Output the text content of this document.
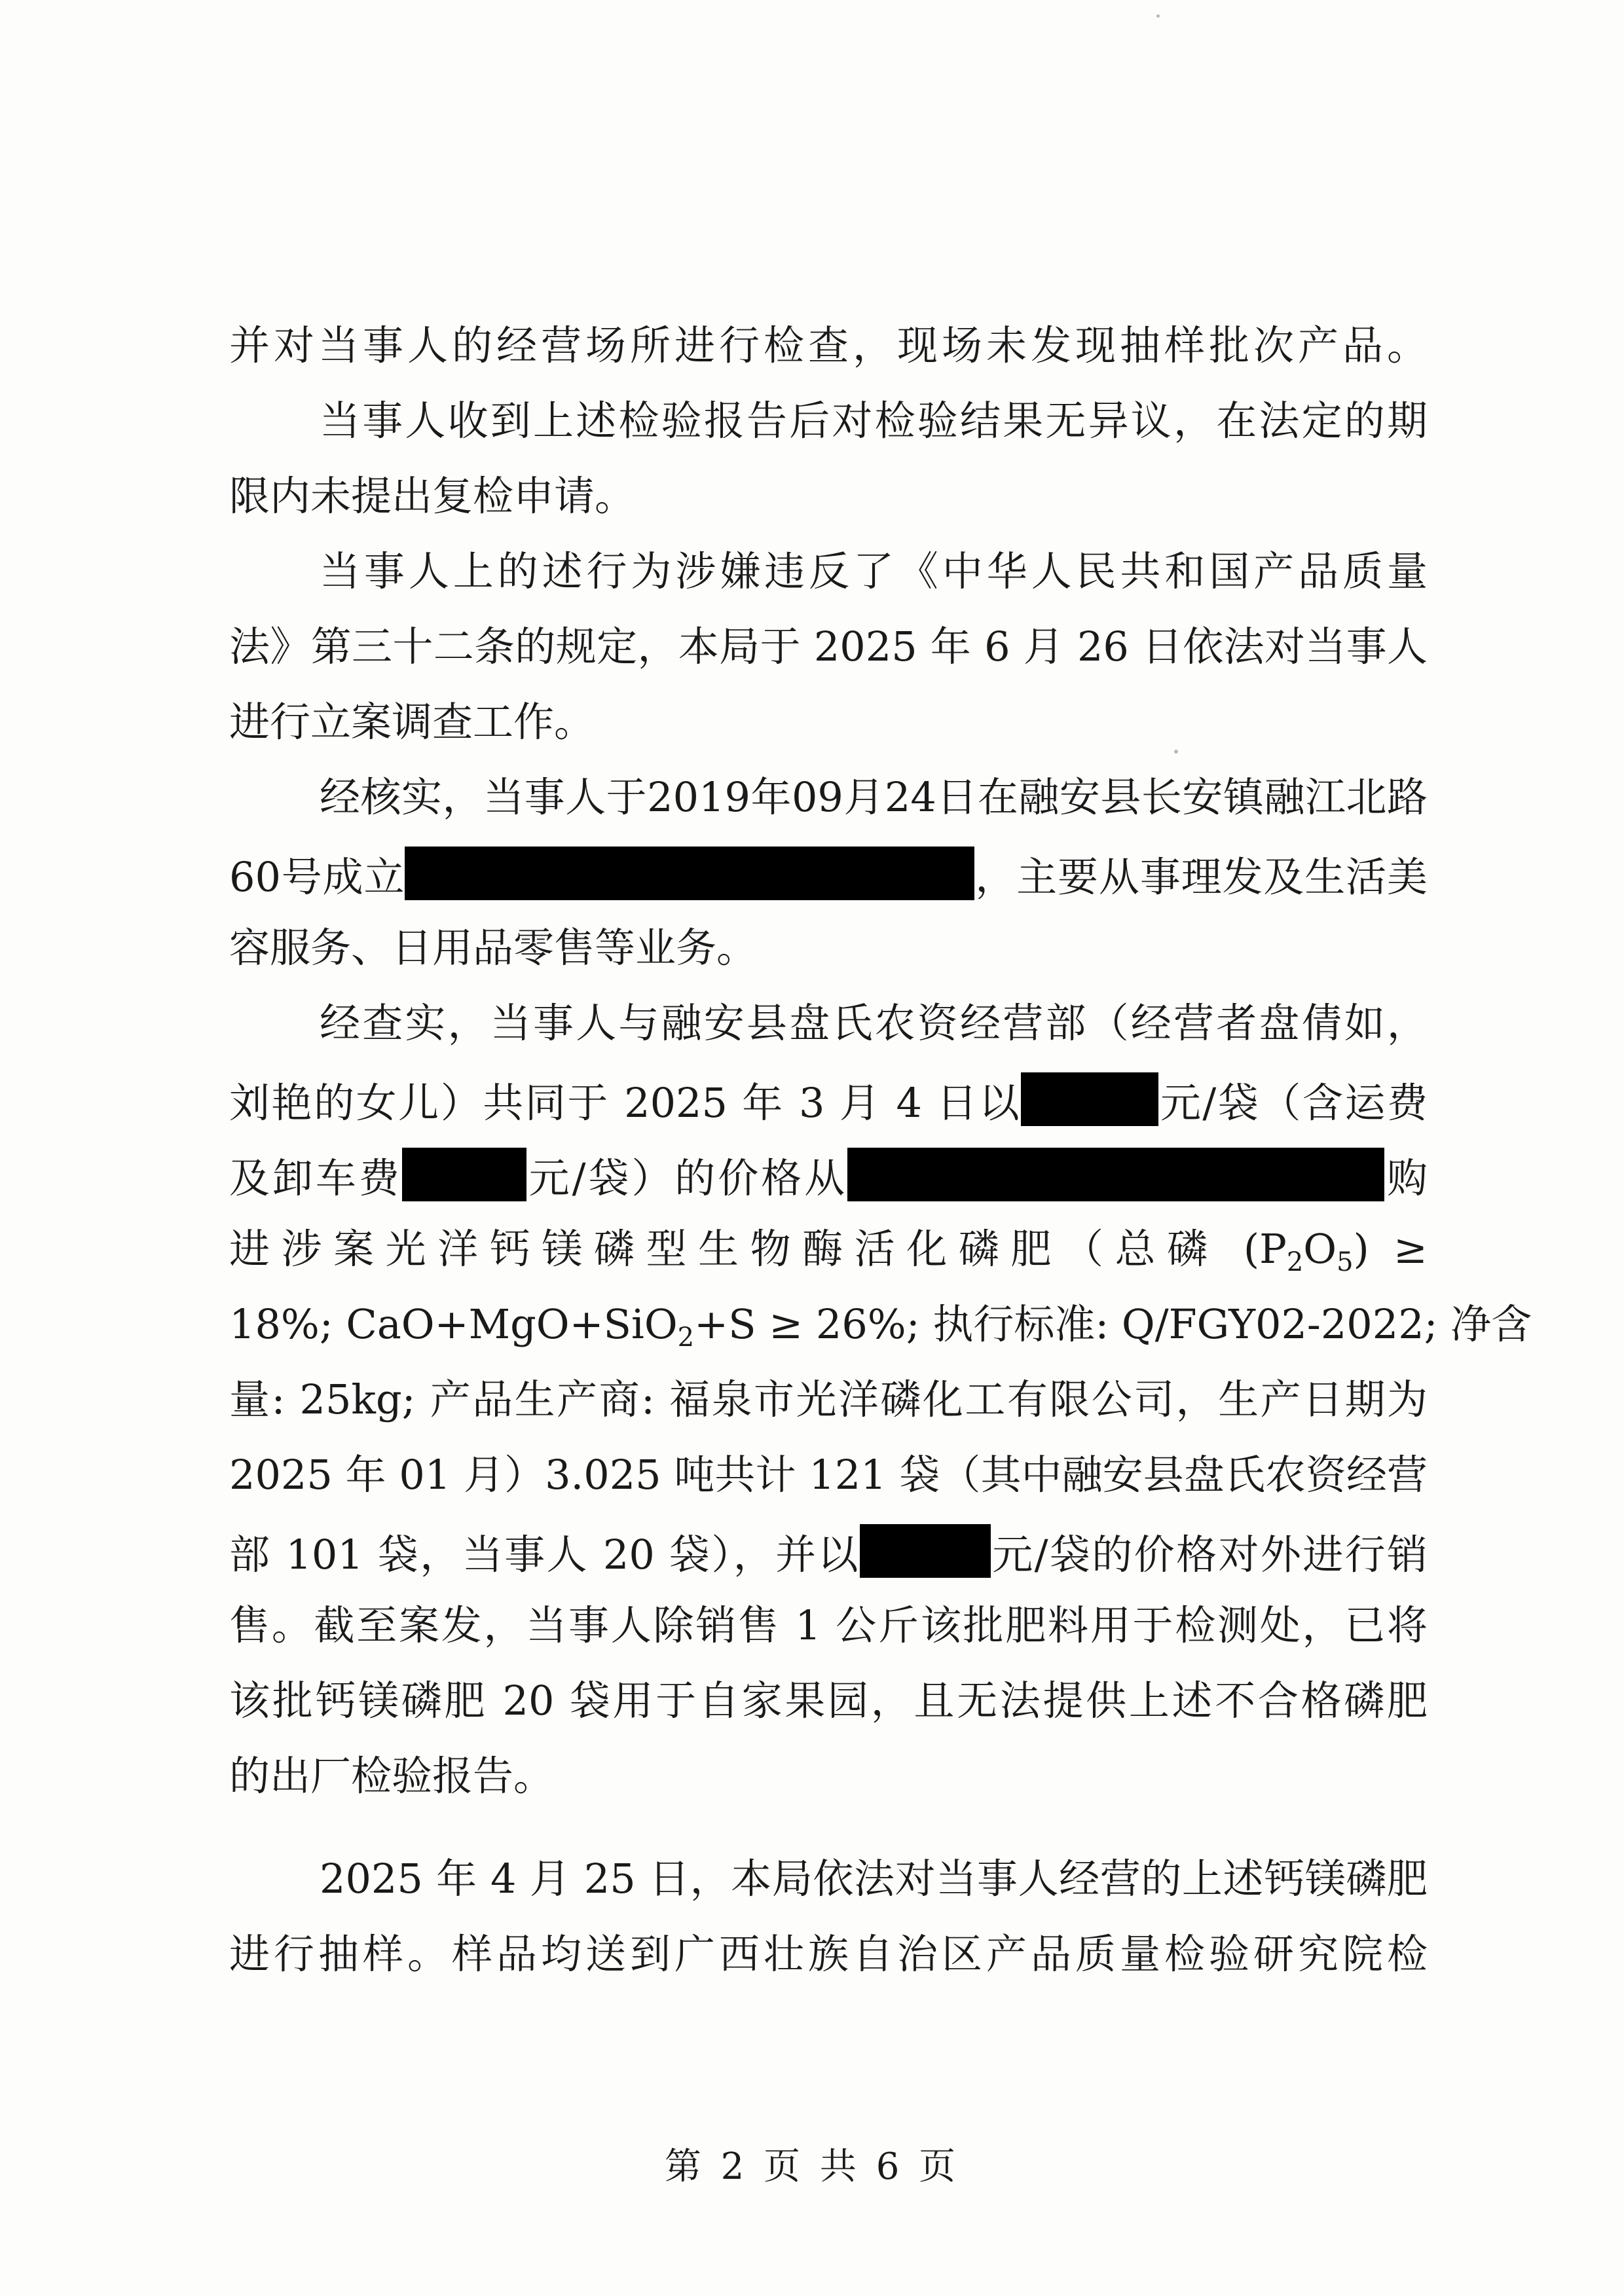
并对当事人的经营场所进行检查，现场未发现抽样批次产品。
当事人收到上述检验报告后对检验结果无异议，在法定的期
限内未提出复检申请。
当事人上的述行为涉嫌违反了《中华人民共和国产品质量
法》第三十二条的规定，本局于 2025 年 6 月 26 日依法对当事人
进行立案调查工作。
经核实，当事人于2019年09月24日在融安县长安镇融江北路
60号成立	，主要从事理发及生活美
容服务、日用品零售等业务。
经查实，当事人与融安县盘氏农资经营部（经营者盘倩如，
刘艳的女儿）共同于 2025 年 3 月 4 日以	元/袋（含运费
及卸车费	元/袋）的价格从	购
进涉案光洋钙镁磷型生物酶活化磷肥（总磷 $(P_2O_5)$ ≥
18%; CaO+MgO+SiO$_2$+S ≥ 26%; 执行标准: Q/FGY02-2022; 净含
量: 25kg; 产品生产商: 福泉市光洋磷化工有限公司，生产日期为
2025 年 01 月）3.025 吨共计 121 袋（其中融安县盘氏农资经营
部 101 袋，当事人 20 袋），并以	元/袋的价格对外进行销
售。截至案发，当事人除销售 1 公斤该批肥料用于检测处，已将
该批钙镁磷肥 20 袋用于自家果园，且无法提供上述不合格磷肥
的出厂检验报告。
2025 年 4 月 25 日，本局依法对当事人经营的上述钙镁磷肥
进行抽样。样品均送到广西壮族自治区产品质量检验研究院检
第 2 页 共 6 页
